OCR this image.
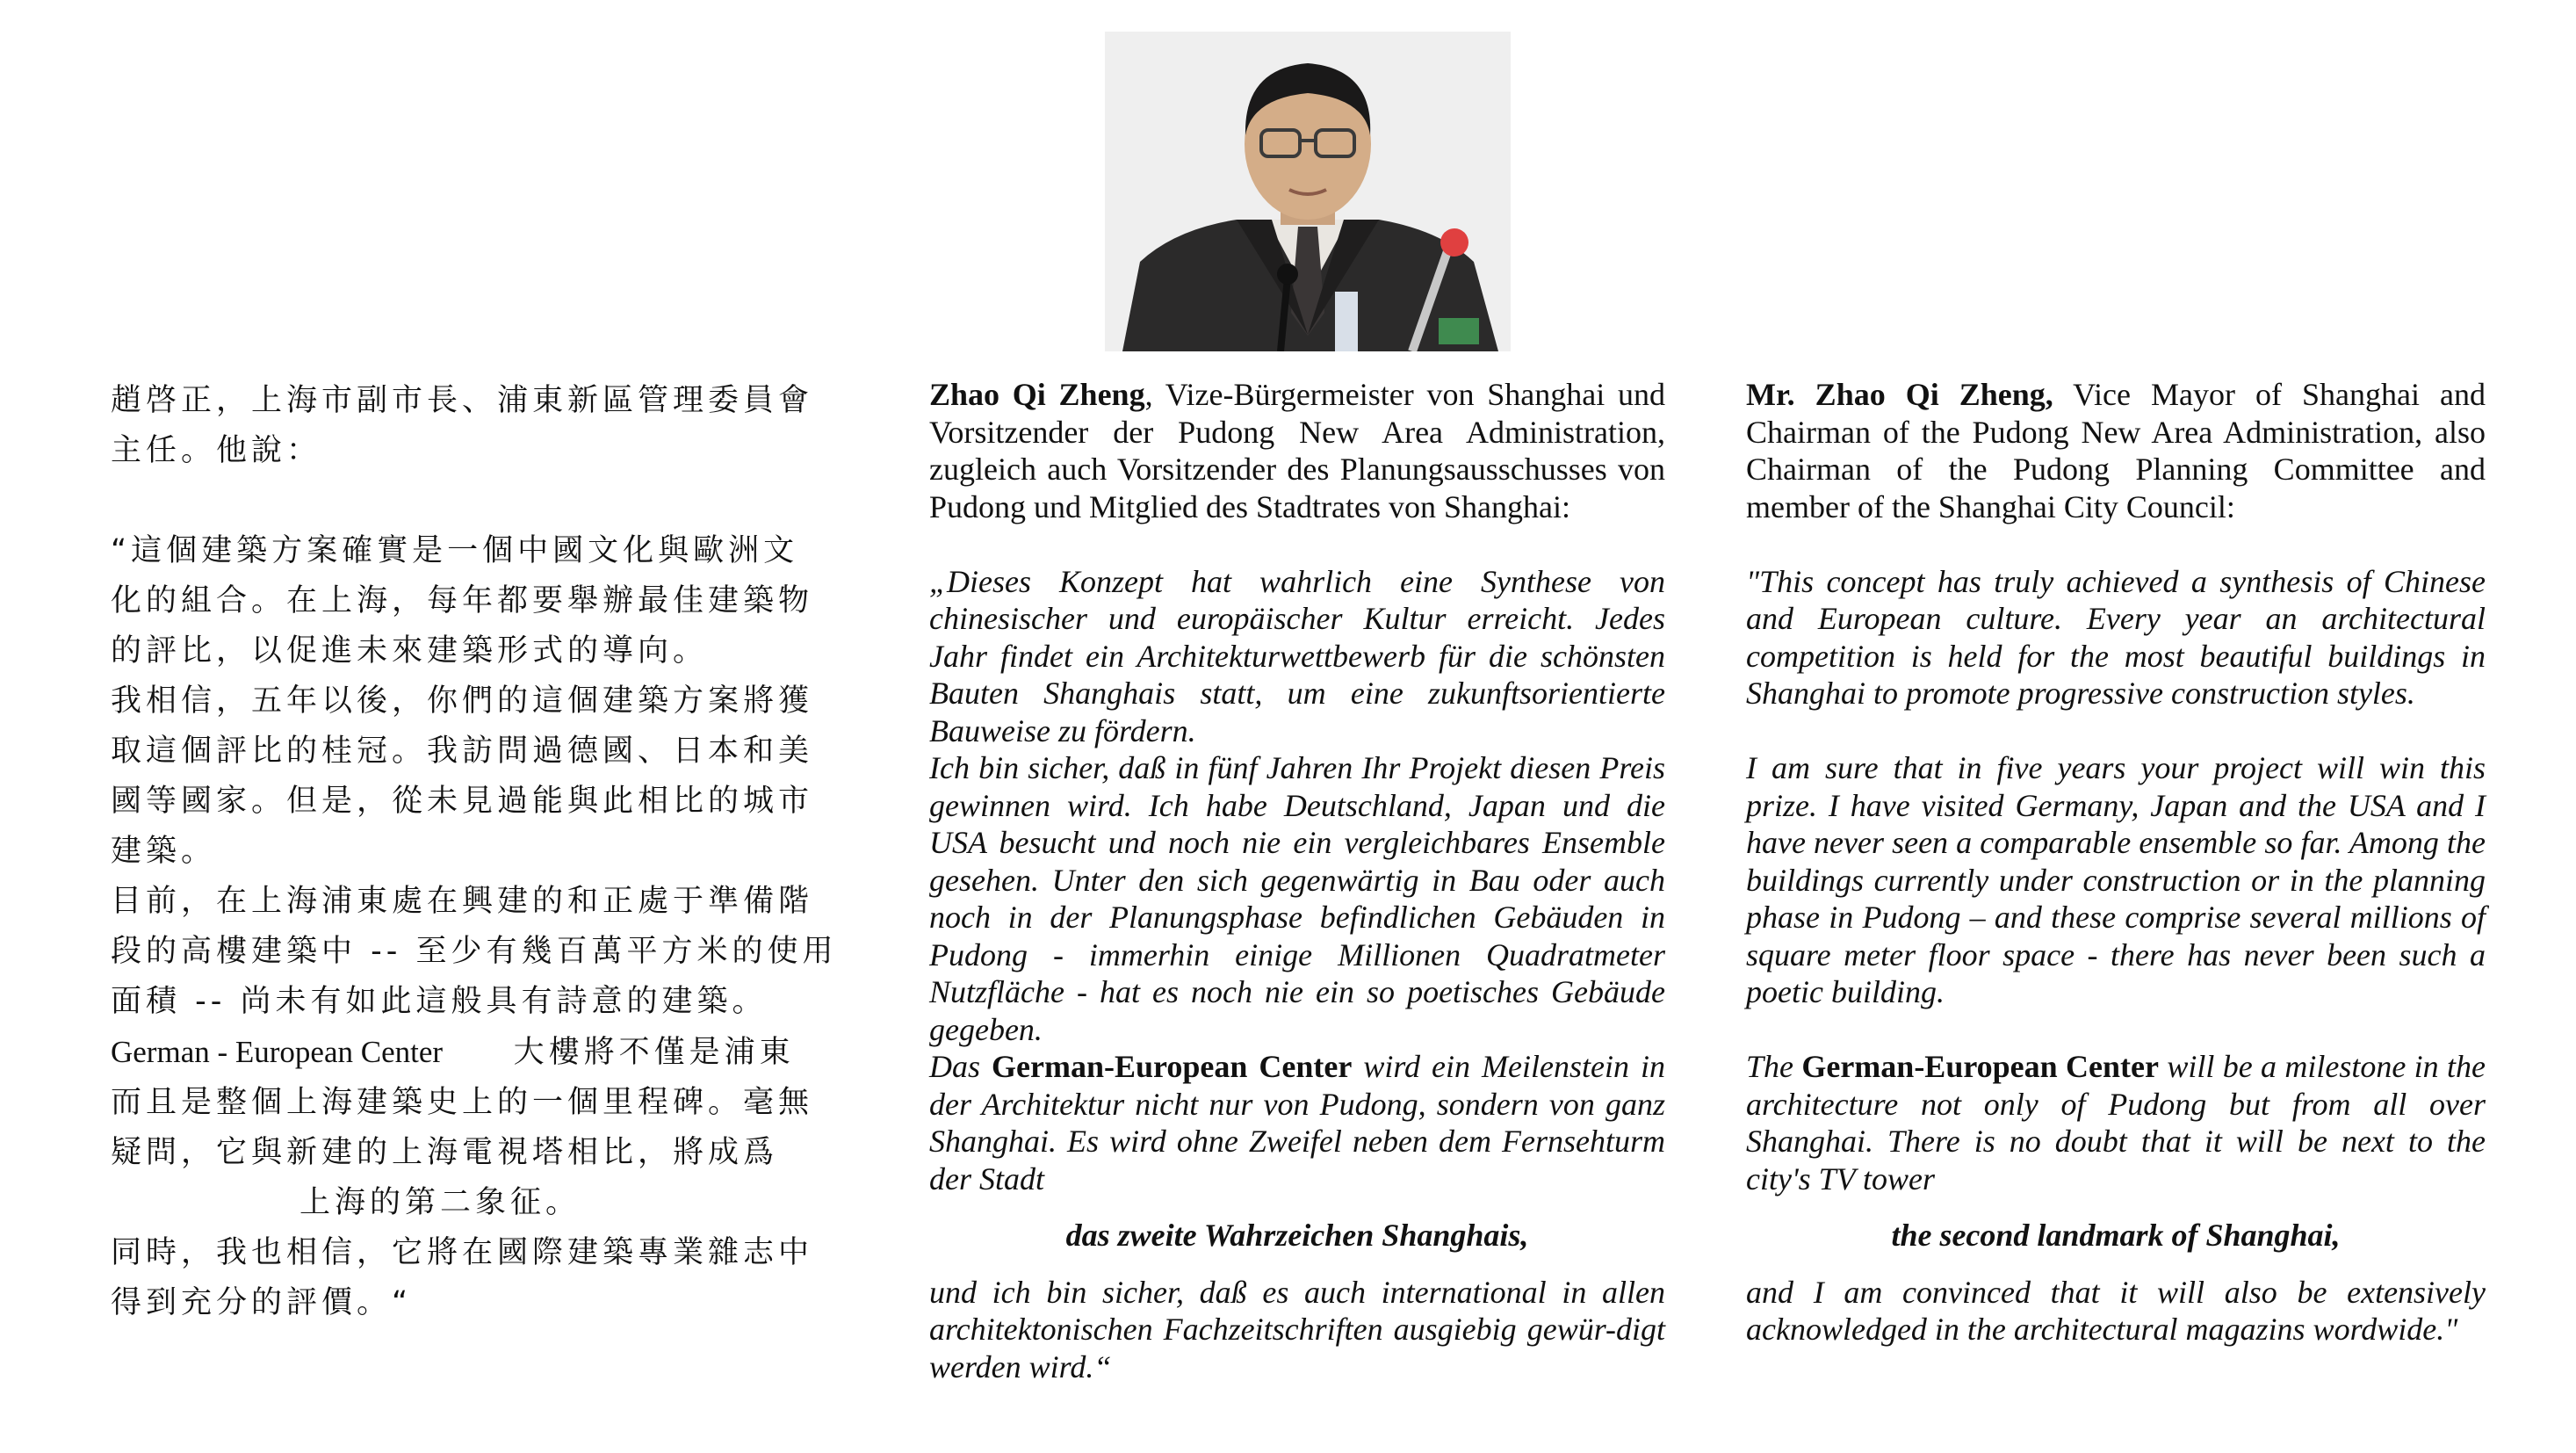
趙啓正，上海市副市長、浦東新區管理委員會

主任。他說：

“這個建築方案確實是一個中國文化與歐洲文

化的組合。在上海，每年都要舉辦最佳建築物

的評比，以促進未來建築形式的導向。

我相信，五年以後，你們的這個建築方案將獲

取這個評比的桂冠。我訪問過德國、日本和美

國等國家。但是，從未見過能與此相比的城市

建築。

目前，在上海浦東處在興建的和正處于準備階

段的高樓建築中 -- 至少有幾百萬平方米的使用

面積 -- 尚未有如此這般具有詩意的建築。

German - European Center 大樓將不僅是浦東

而且是整個上海建築史上的一個里程碑。毫無

疑問，它與新建的上海電視塔相比，將成爲

上海的第二象征。

同時，我也相信，它將在國際建築專業雜志中

得到充分的評價。“

Zhao Qi Zheng, Vize-Bürgermeister von Shanghai und Vorsitzender der Pudong New Area Administration, zugleich auch Vorsitzender des Planungsausschusses von Pudong und Mitglied des Stadtrates von Shanghai:

„Dieses Konzept hat wahrlich eine Synthese von chinesischer und europäischer Kultur erreicht. Jedes Jahr findet ein Architekturwettbewerb für die schönsten Bauten Shanghais statt, um eine zukunftsorientierte Bauweise zu fördern.

Ich bin sicher, daß in fünf Jahren Ihr Projekt diesen Preis gewinnen wird. Ich habe Deutschland, Japan und die USA besucht und noch nie ein vergleichbares Ensemble gesehen. Unter den sich gegenwärtig in Bau oder auch noch in der Planungsphase befindlichen Gebäuden in Pudong - immerhin einige Millionen Quadratmeter Nutzfläche - hat es noch nie ein so poetisches Gebäude gegeben.

Das German-European Center wird ein Meilenstein in der Architektur nicht nur von Pudong, sondern von ganz Shanghai. Es wird ohne Zweifel neben dem Fernsehturm der Stadt

das zweite Wahrzeichen Shanghais,

und ich bin sicher, daß es auch international in allen architektonischen Fachzeitschriften ausgiebig gewür-digt werden wird.“

Mr. Zhao Qi Zheng, Vice Mayor of Shanghai and Chairman of the Pudong New Area Administration, also Chairman of the Pudong Planning Committee and member of the Shanghai City Council:

"This concept has truly achieved a synthesis of Chinese and European culture. Every year an architectural competition is held for the most beautiful buildings in Shanghai to promote progressive construction styles.

I am sure that in five years your project will win this prize. I have visited Germany, Japan and the USA and I have never seen a comparable ensemble so far. Among the buildings currently under construction or in the planning phase in Pudong – and these comprise several millions of square meter floor space - there has never been such a poetic building.

The German-European Center will be a milestone in the architecture not only of Pudong but from all over Shanghai. There is no doubt that it will be next to the city's TV tower

the second landmark of Shanghai,

and I am convinced that it will also be extensively acknowledged in the architectural magazins wordwide."
